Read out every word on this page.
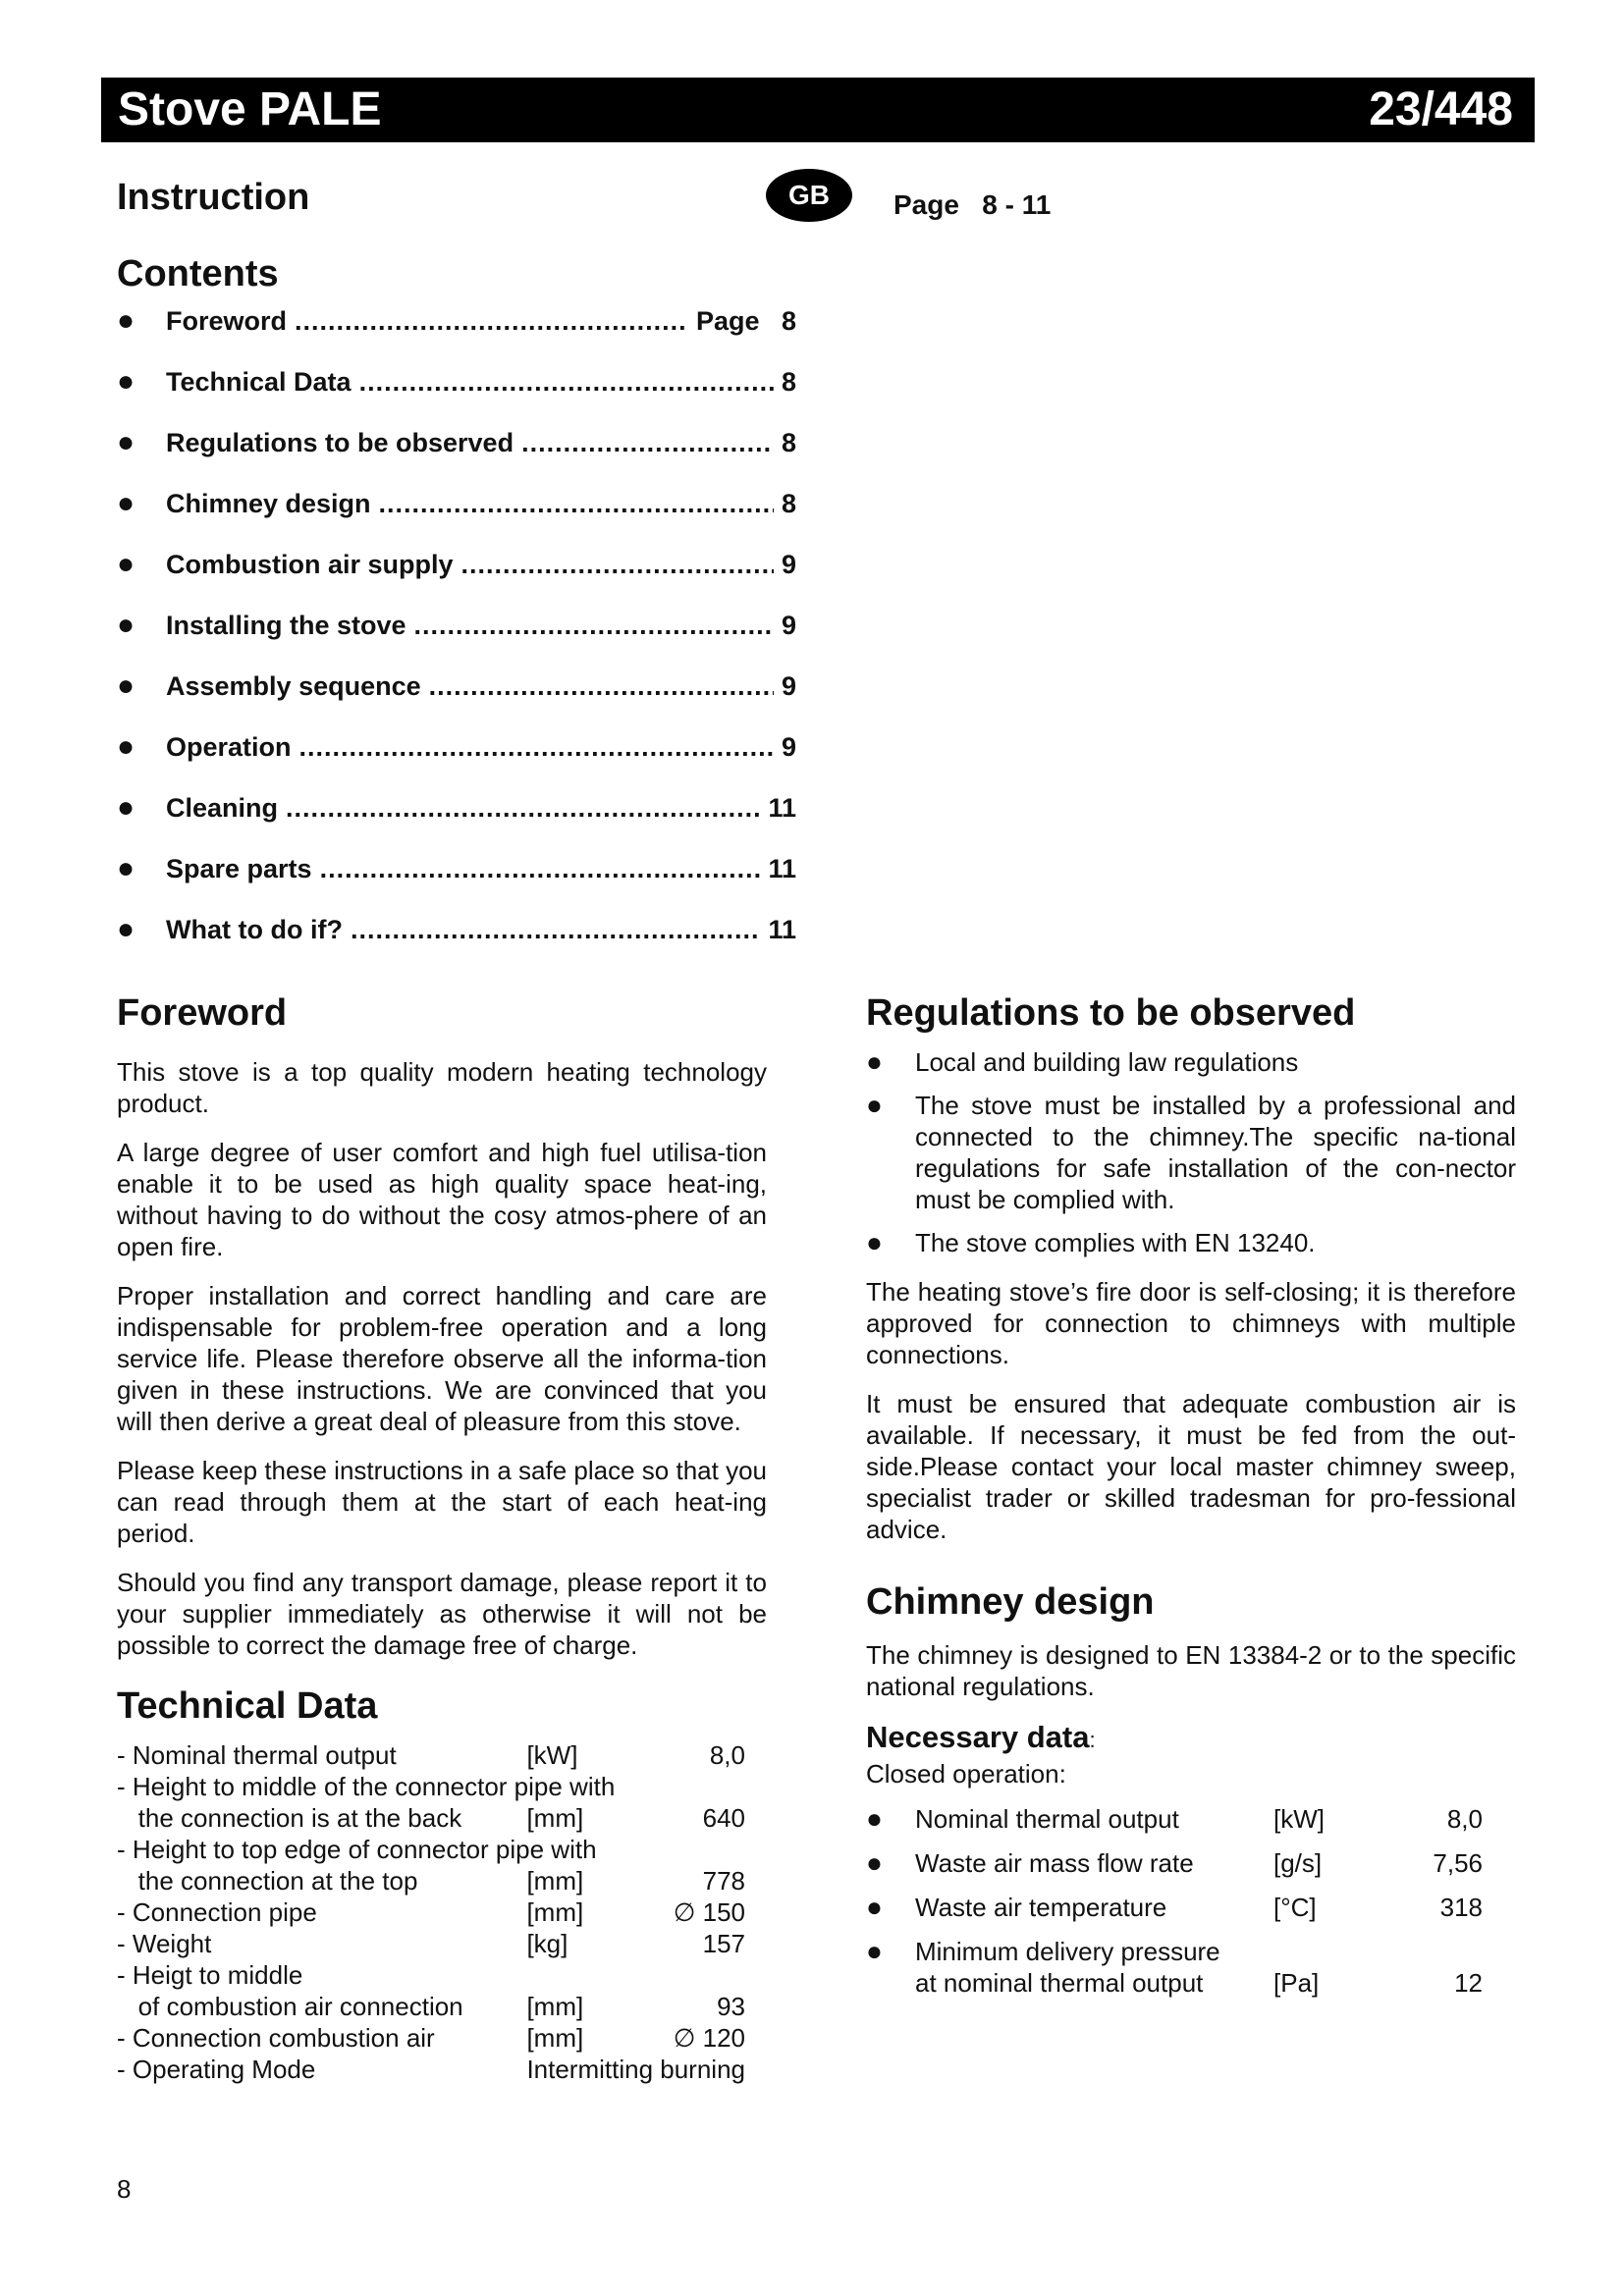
Stove PALE	23/448
Instruction	GB	Page   8 - 11
Contents
●	Foreword .....	Page   8
●	Technical Data .....	8
●	Regulations to be observed .....	8
●	Chimney design .....	8
●	Combustion air supply .....	9
●	Installing the stove .....	9
●	Assembly sequence .....	9
●	Operation .....	9
●	Cleaning .....	11
●	Spare parts .....	11
●	What to do if? .....	11
Foreword

This stove is a top quality modern heating technology product.

A large degree of user comfort and high fuel utilisa-tion enable it to be used as high quality space heat-ing, without having to do without the cosy atmos-phere of an open fire.

Proper installation and correct handling and care are indispensable for problem-free operation and a long service life. Please therefore observe all the informa-tion given in these instructions. We are convinced that you will then derive a great deal of pleasure from this stove.

Please keep these instructions in a safe place so that you can read through them at the start of each heat-ing period.

Should you find any transport damage, please report it to your supplier immediately as otherwise it will not be possible to correct the damage free of charge.

Technical Data
- Nominal thermal output	[kW]	8,0
- Height to middle of the connector pipe with		
the connection is at the back	[mm]	640
- Height to top edge of connector pipe with		
the connection at the top	[mm]	778
- Connection pipe	[mm]	∅ 150
- Weight	[kg]	157
- Heigt to middle		
of combustion air connection	[mm]	93
- Connection combustion air	[mm]	∅ 120
- Operating Mode	Intermitting burning	
Regulations to be observed
●	Local and building law regulations
●	The stove must be installed by a professional and connected to the chimney.The specific na-tional regulations for safe installation of the con-nector must be complied with.
●	The stove complies with EN 13240.

The heating stove’s fire door is self-closing; it is therefore approved for connection to chimneys with multiple connections.

It must be ensured that adequate combustion air is available. If necessary, it must be fed from the out-side.Please contact your local master chimney sweep, specialist trader or skilled tradesman for pro-fessional advice.

Chimney design

The chimney is designed to EN 13384-2 or to the specific national regulations.

Necessary data:
Closed operation:
●	Nominal thermal output	[kW]	8,0
●	Waste air mass flow rate	[g/s]	7,56
●	Waste air temperature	[°C]	318
●	Minimum delivery pressure
at nominal thermal output	[Pa]	12
8
